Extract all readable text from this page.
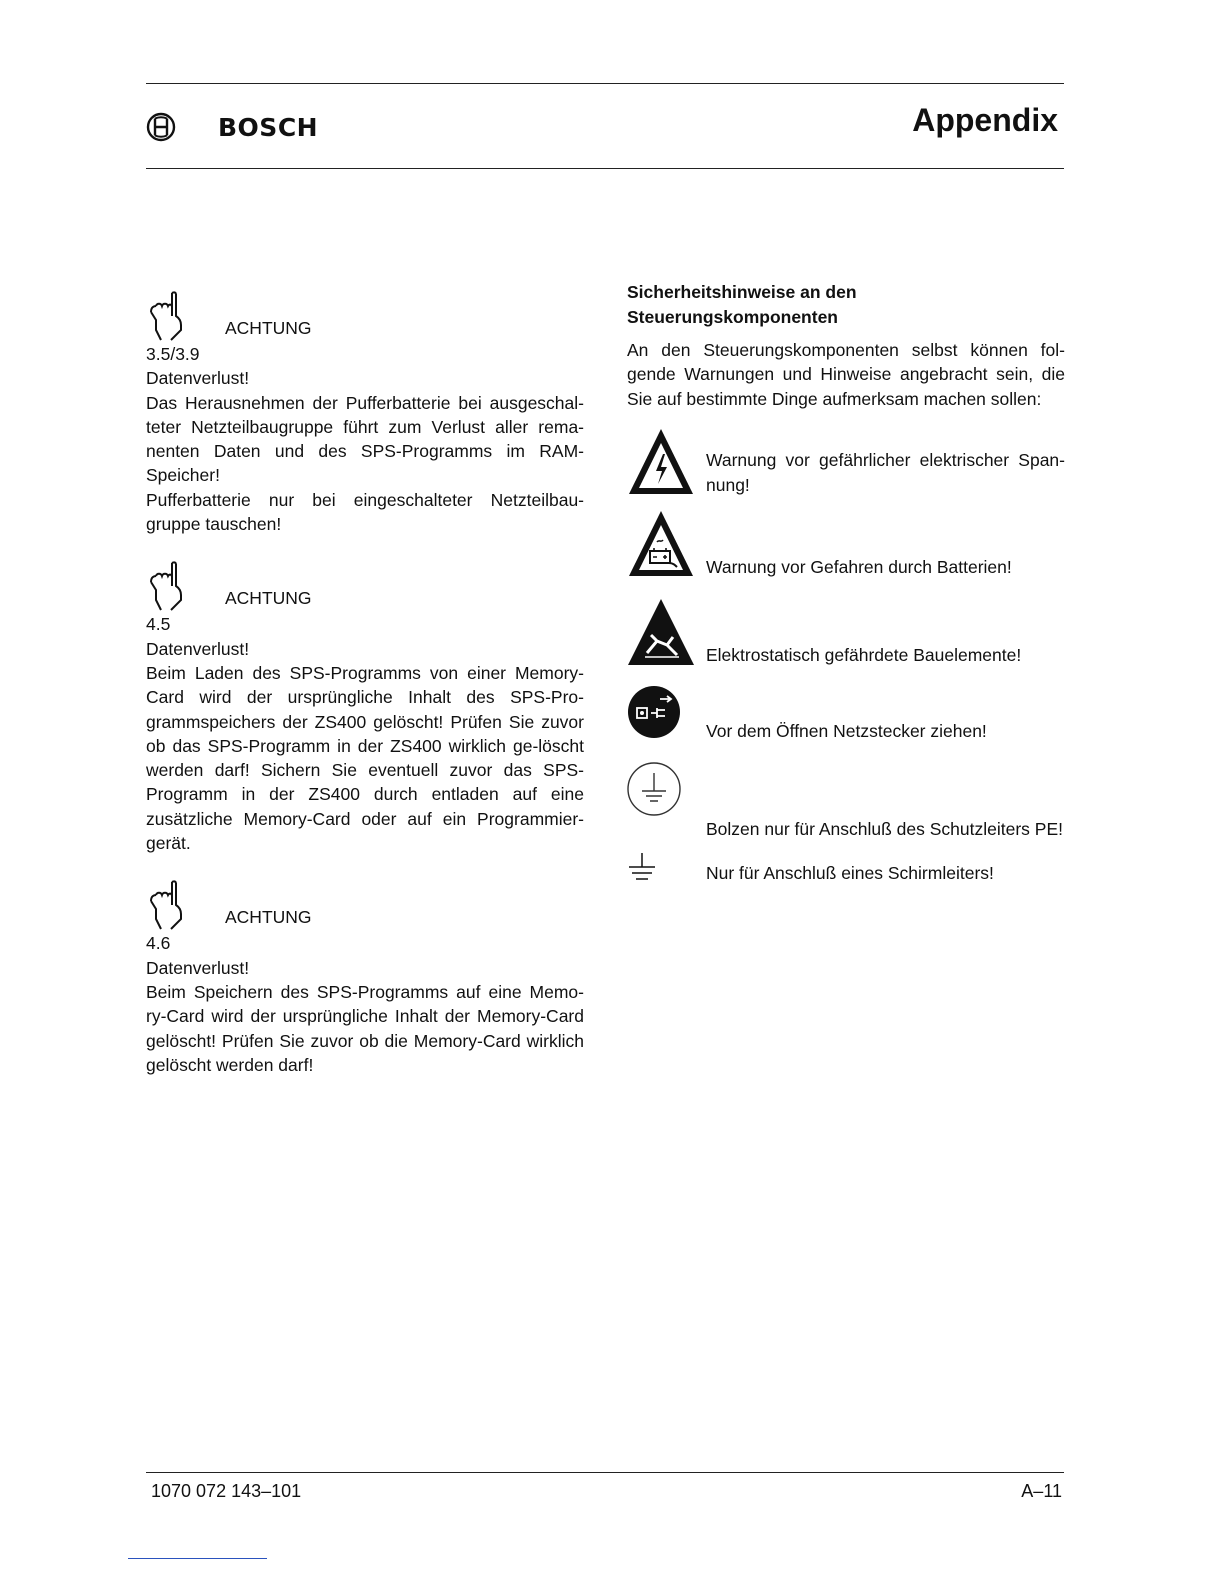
BOSCH	Appendix
ACHTUNG

3.5/3.9

Datenverlust!

Das Herausnehmen der Pufferbatterie bei ausgeschal-teter Netzteilbaugruppe führt zum Verlust aller rema-nenten Daten und des SPS-Programms im RAM-Speicher!

Pufferbatterie nur bei eingeschalteter Netzteilbau-gruppe tauschen!

ACHTUNG

4.5

Datenverlust!

Beim Laden des SPS-Programms von einer Memory-Card wird der ursprüngliche Inhalt des SPS-Pro-grammspeichers der ZS400 gelöscht! Prüfen Sie zuvor ob das SPS-Programm in der ZS400 wirklich ge-löscht werden darf! Sichern Sie eventuell zuvor das SPS-Programm in der ZS400 durch entladen auf eine zusätzliche Memory-Card oder auf ein Programmier-gerät.

ACHTUNG

4.6

Datenverlust!

Beim Speichern des SPS-Programms auf eine Memo-ry-Card wird der ursprüngliche Inhalt der Memory-Card gelöscht! Prüfen Sie zuvor ob die Memory-Card wirklich gelöscht werden darf!

Sicherheitshinweise an den

Steuerungskomponenten

An den Steuerungskomponenten selbst können fol-gende Warnungen und Hinweise angebracht sein, die Sie auf bestimmte Dinge aufmerksam machen sollen:

Warnung vor gefährlicher elektrischer Span-nung!

Warnung vor Gefahren durch Batterien!

Elektrostatisch gefährdete Bauelemente!

Vor dem Öffnen Netzstecker ziehen!

Bolzen nur für Anschluß des Schutzleiters PE!

Nur für Anschluß eines Schirmleiters!

1070 072 143–101	A–11
